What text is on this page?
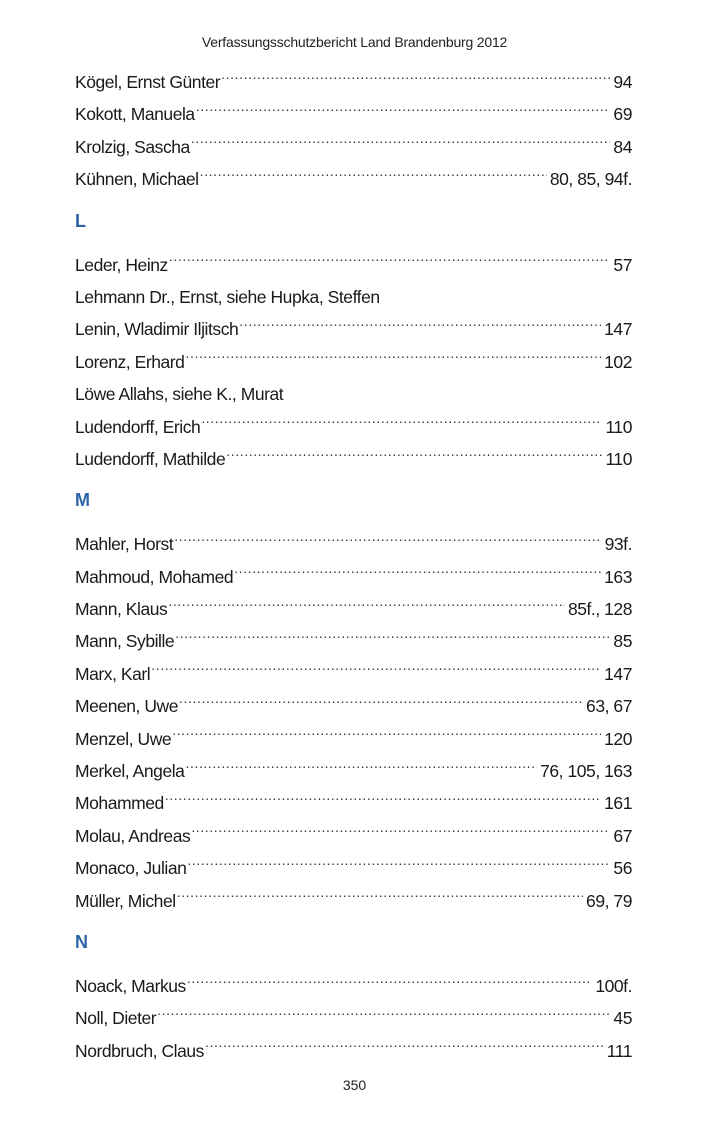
Verfassungsschutzbericht Land Brandenburg 2012
Kögel, Ernst Günter .....	94
Kokott, Manuela .....	69
Krolzig, Sascha .....	84
Kühnen, Michael .....	80, 85, 94f.
L
Leder, Heinz .....	57
Lehmann Dr., Ernst, siehe Hupka, Steffen
Lenin, Wladimir Iljitsch .....	147
Lorenz, Erhard .....	102
Löwe Allahs, siehe K., Murat
Ludendorff, Erich .....	110
Ludendorff, Mathilde .....	110
M
Mahler, Horst .....	93f.
Mahmoud, Mohamed .....	163
Mann, Klaus .....	85f., 128
Mann, Sybille .....	85
Marx, Karl .....	147
Meenen, Uwe .....	63, 67
Menzel, Uwe .....	120
Merkel, Angela .....	76, 105, 163
Mohammed .....	161
Molau, Andreas .....	67
Monaco, Julian .....	56
Müller, Michel .....	69, 79
N
Noack, Markus .....	100f.
Noll, Dieter .....	45
Nordbruch, Claus .....	111
350
